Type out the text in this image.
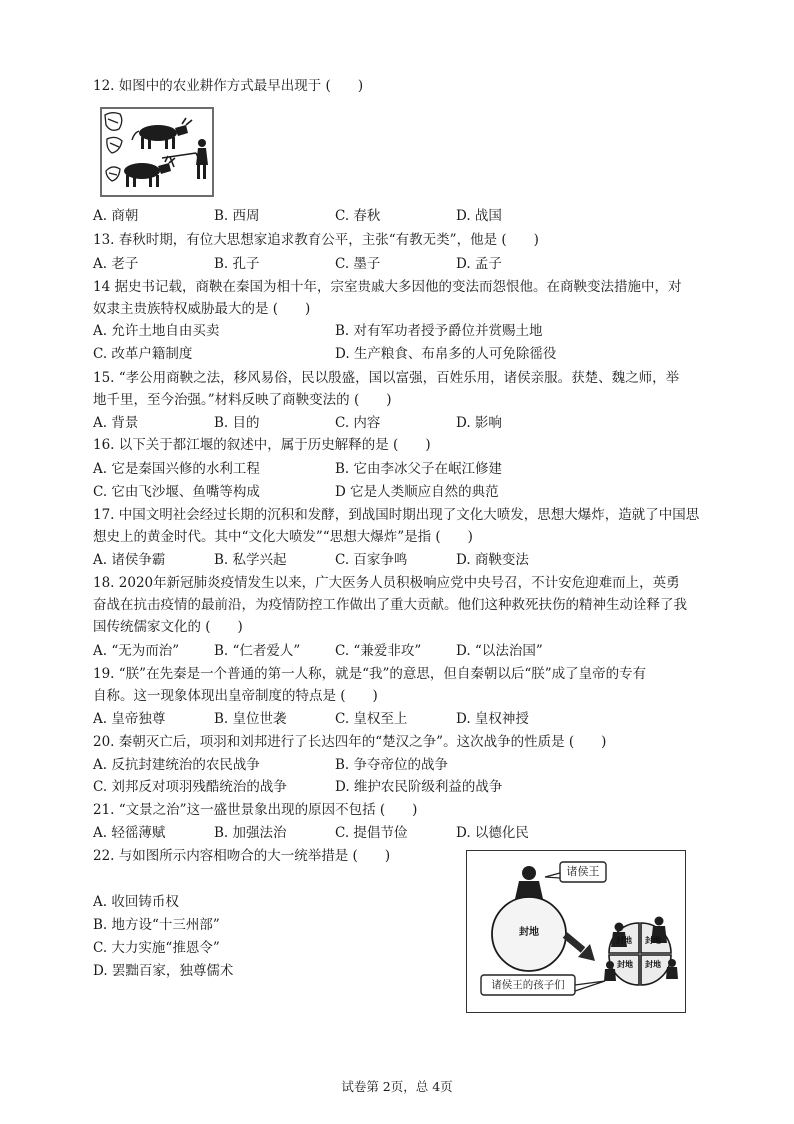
12. 如图中的农业耕作方式最早出现于 (　　)
A. 商朝	B. 西周	C. 春秋	D. 战国
13. 春秋时期，有位大思想家追求教育公平，主张“有教无类”，他是 (　　)
A. 老子	B. 孔子	C. 墨子	D. 孟子
14 据史书记载，商鞅在秦国为相十年，宗室贵戚大多因他的变法而怨恨他。在商鞅变法措施中，对
奴隶主贵族特权威胁最大的是 (　　)
A. 允许土地自由买卖	B. 对有军功者授予爵位并赏赐土地
C. 改革户籍制度	D. 生产粮食、布帛多的人可免除徭役
15. “孝公用商鞅之法，移风易俗，民以殷盛，国以富强，百姓乐用，诸侯亲服。获楚、魏之师，举
地千里，至今治强。”材料反映了商鞅变法的 (　　)
A. 背景	B. 目的	C. 内容	D. 影响
16. 以下关于都江堰的叙述中，属于历史解释的是 (　　)
A. 它是秦国兴修的水利工程	B. 它由李冰父子在岷江修建
C. 它由飞沙堰、鱼嘴等构成	D 它是人类顺应自然的典范
17. 中国文明社会经过长期的沉积和发酵，到战国时期出现了文化大喷发，思想大爆炸，造就了中国思
想史上的黄金时代。其中“文化大喷发”“思想大爆炸”是指 (　　)
A. 诸侯争霸	B. 私学兴起	C. 百家争鸣	D. 商鞅变法
18. 2020年新冠肺炎疫情发生以来，广大医务人员积极响应党中央号召，不计安危迎难而上，英勇
奋战在抗击疫情的最前沿，为疫情防控工作做出了重大贡献。他们这种救死扶伤的精神生动诠释了我
国传统儒家文化的 (　　)
A. “无为而治”	B. “仁者爱人”	C. “兼爱非攻”	D. “以法治国”
19. “朕”在先秦是一个普通的第一人称，就是“我”的意思，但自秦朝以后“朕”成了皇帝的专有
自称。这一现象体现出皇帝制度的特点是 (　　)
A. 皇帝独尊	B. 皇位世袭	C. 皇权至上	D. 皇权神授
20. 秦朝灭亡后，项羽和刘邦进行了长达四年的“楚汉之争”。这次战争的性质是 (　　)
A. 反抗封建统治的农民战争	B. 争夺帝位的战争
C. 刘邦反对项羽残酷统治的战争	D. 维护农民阶级利益的战争
21. “文景之治”这一盛世景象出现的原因不包括 (　　)
A. 轻徭薄赋	B. 加强法治	C. 提倡节俭	D. 以德化民
22. 与如图所示内容相吻合的大一统举措是 (　　)
A. 收回铸币权
B. 地方设“十三州部”
C. 大力实施“推恩令”
D. 罢黜百家，独尊儒术
诸侯王
封地
诸侯王的孩子们
封地 封地
封地 封地
试卷第 2页，总 4页
